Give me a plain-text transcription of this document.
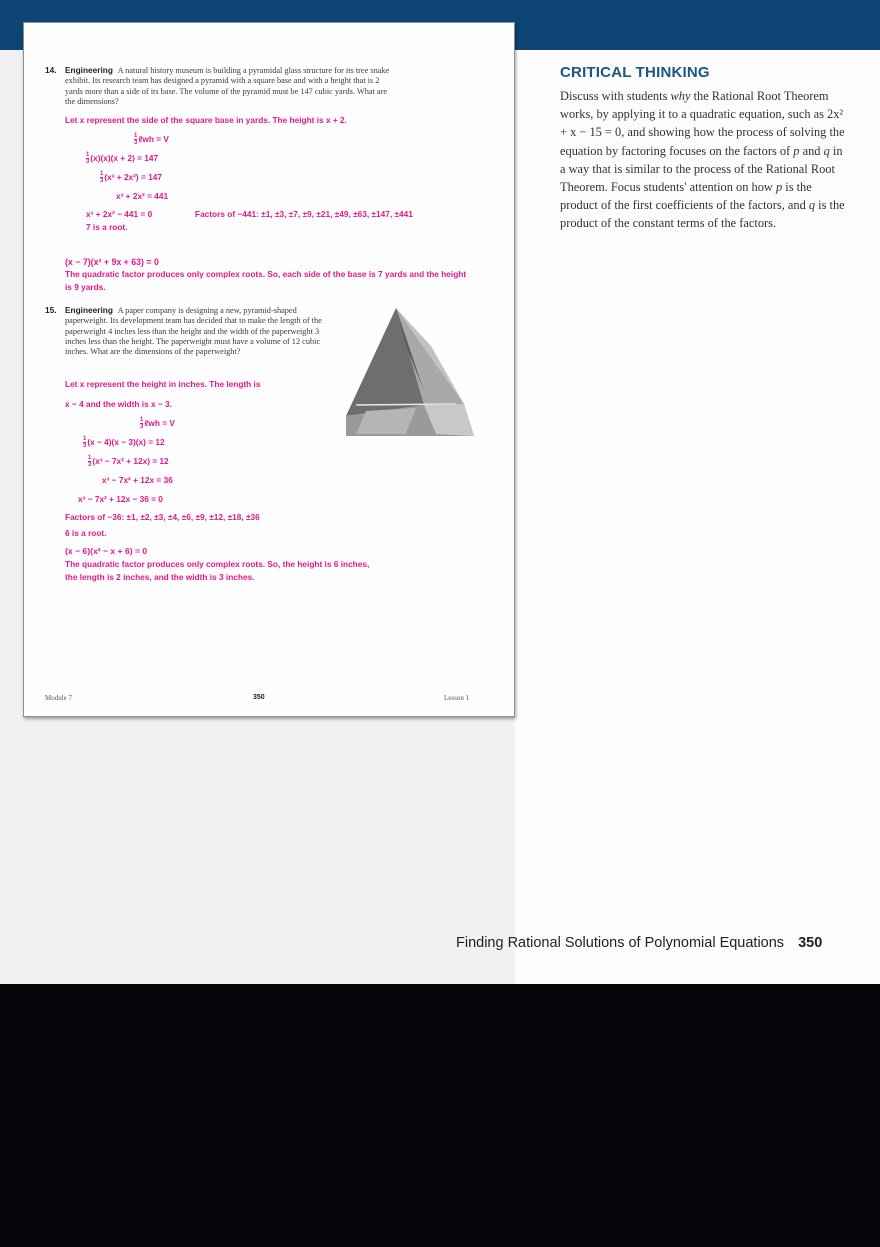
14. Engineering A natural history museum is building a pyramidal glass structure for its tree snake exhibit. Its research team has designed a pyramid with a square base and with a height that is 2 yards more than a side of its base. The volume of the pyramid must be 147 cubic yards. What are the dimensions?
Let x represent the side of the square base in yards. The height is x + 2.
$\frac{1}{3}$ ℓwh = V
$\frac{1}{3} (x)(x)(x + 2) = 147$
$\frac{1}{3} (x^3 + 2x^2) = 147$
x³ + 2x² = 441
x³ + 2x² − 441 = 0	Factors of −441: ±1, ±3, ±7, ±9, ±21, ±49, ±63, ±147, ±441
7 is a root.
(x − 7)(x² + 9x + 63) = 0
The quadratic factor produces only complex roots. So, each side of the base is 7 yards and the height is 9 yards.
15. Engineering A paper company is designing a new, pyramid-shaped paperweight. Its development team has decided that to make the length of the paperweight 4 inches less than the height and the width of the paperweight 3 inches less than the height. The paperweight must have a volume of 12 cubic inches. What are the dimensions of the paperweight?
Let x represent the height in inches. The length is
x − 4 and the width is x − 3.
$\frac{1}{3}$ ℓwh = V
$\frac{1}{3} (x - 4)(x - 3)(x) = 12$
$\frac{1}{3} (x^3 - 7x^2 + 12x) = 12$
x³ − 7x² + 12x = 36
x³ − 7x² + 12x − 36 = 0
Factors of −36: ±1, ±2, ±3, ±4, ±6, ±9, ±12, ±18, ±36
6 is a root.
(x − 6)(x² − x + 6) = 0
The quadratic factor produces only complex roots. So, the height is 6 inches, the length is 2 inches, and the width is 3 inches.
Module 7	350	Lesson 1
CRITICAL THINKING

Discuss with students why the Rational Root Theorem works, by applying it to a quadratic equation, such as 2x² + x − 15 = 0, and showing how the process of solving the equation by factoring focuses on the factors of p and q in a way that is similar to the process of the Rational Root Theorem. Focus students' attention on how p is the product of the first coefficients of the factors, and q is the product of the constant terms of the factors.

Finding Rational Solutions of Polynomial Equations 350
